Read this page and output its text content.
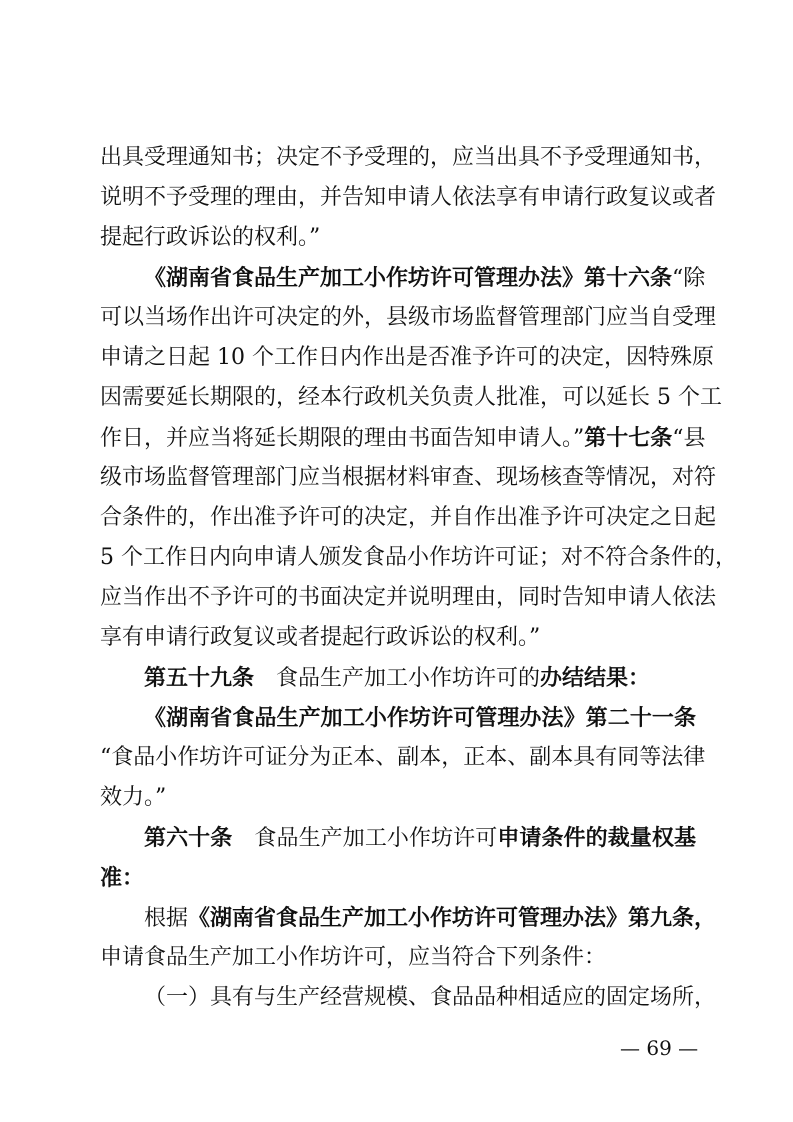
出具受理通知书；决定不予受理的，应当出具不予受理通知书，
说明不予受理的理由，并告知申请人依法享有申请行政复议或者
提起行政诉讼的权利。”
《湖南省食品生产加工小作坊许可管理办法》第十六条“除
可以当场作出许可决定的外，县级市场监督管理部门应当自受理
申请之日起 10 个工作日内作出是否准予许可的决定，因特殊原
因需要延长期限的，经本行政机关负责人批准，可以延长 5 个工
作日，并应当将延长期限的理由书面告知申请人。”第十七条“县
级市场监督管理部门应当根据材料审查、现场核查等情况，对符
合条件的，作出准予许可的决定，并自作出准予许可决定之日起
5 个工作日内向申请人颁发食品小作坊许可证；对不符合条件的，
应当作出不予许可的书面决定并说明理由，同时告知申请人依法
享有申请行政复议或者提起行政诉讼的权利。”
第五十九条　食品生产加工小作坊许可的办结结果：
《湖南省食品生产加工小作坊许可管理办法》第二十一条
“食品小作坊许可证分为正本、副本，正本、副本具有同等法律
效力。”
第六十条　食品生产加工小作坊许可申请条件的裁量权基
准：
根据《湖南省食品生产加工小作坊许可管理办法》第九条，
申请食品生产加工小作坊许可，应当符合下列条件：
（一）具有与生产经营规模、食品品种相适应的固定场所，
— 69 —
